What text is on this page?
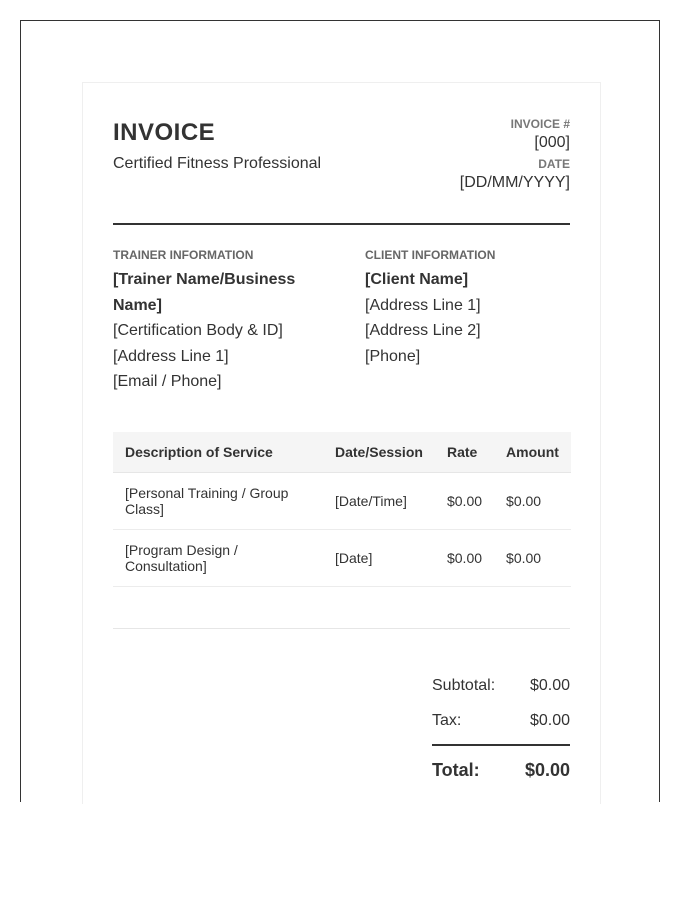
INVOICE
Certified Fitness Professional
INVOICE #
[000]
DATE
[DD/MM/YYYY]
TRAINER INFORMATION
[Trainer Name/Business Name]
[Certification Body & ID]
[Address Line 1]
[Email / Phone]
CLIENT INFORMATION
[Client Name]
[Address Line 1]
[Address Line 2]
[Phone]
Description of Service	Date/Session	Rate	Amount
[Personal Training / Group Class]	[Date/Time]	$0.00	$0.00
[Program Design / Consultation]	[Date]	$0.00	$0.00
Subtotal: $0.00
Tax:	$0.00
Total:	$0.00
